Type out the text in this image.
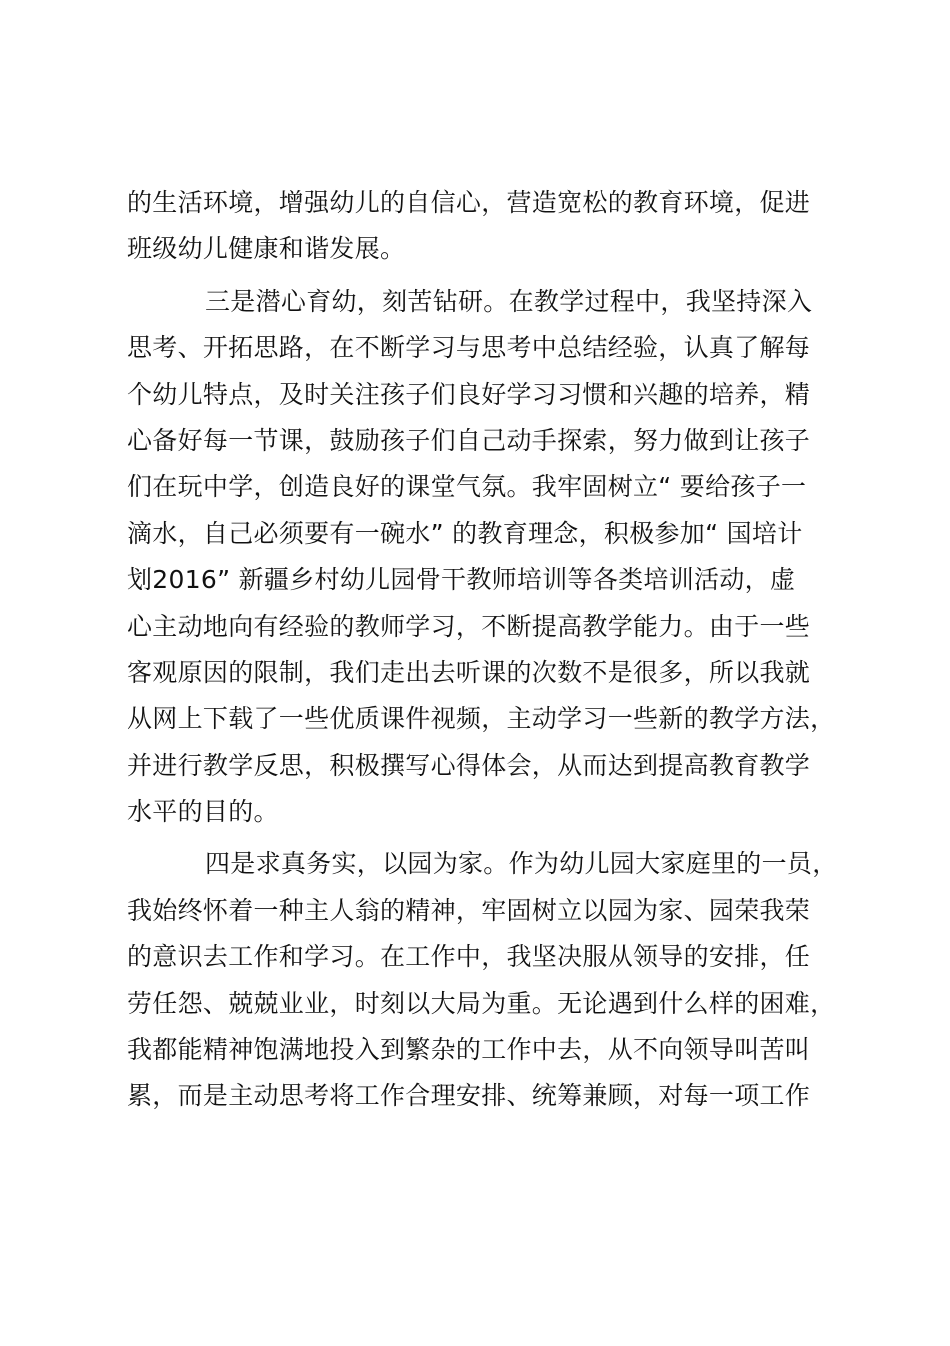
的生活环境，增强幼儿的自信心，营造宽松的教育环境，促进
班级幼儿健康和谐发展。
三是潜心育幼，刻苦钻研。在教学过程中，我坚持深入
思考、开拓思路，在不断学习与思考中总结经验，认真了解每
个幼儿特点，及时关注孩子们良好学习习惯和兴趣的培养，精
心备好每一节课，鼓励孩子们自己动手探索，努力做到让孩子
们在玩中学，创造良好的课堂气氛。我牢固树立“ 要给孩子一
滴水，自己必须要有一碗水” 的教育理念，积极参加“ 国培计
划2016” 新疆乡村幼儿园骨干教师培训等各类培训活动，虚
心主动地向有经验的教师学习，不断提高教学能力。由于一些
客观原因的限制，我们走出去听课的次数不是很多，所以我就
从网上下载了一些优质课件视频，主动学习一些新的教学方法，
并进行教学反思，积极撰写心得体会，从而达到提高教育教学
水平的目的。
四是求真务实，以园为家。作为幼儿园大家庭里的一员，
我始终怀着一种主人翁的精神，牢固树立以园为家、园荣我荣
的意识去工作和学习。在工作中，我坚决服从领导的安排，任
劳任怨、兢兢业业，时刻以大局为重。无论遇到什么样的困难，
我都能精神饱满地投入到繁杂的工作中去，从不向领导叫苦叫
累，而是主动思考将工作合理安排、统筹兼顾，对每一项工作
